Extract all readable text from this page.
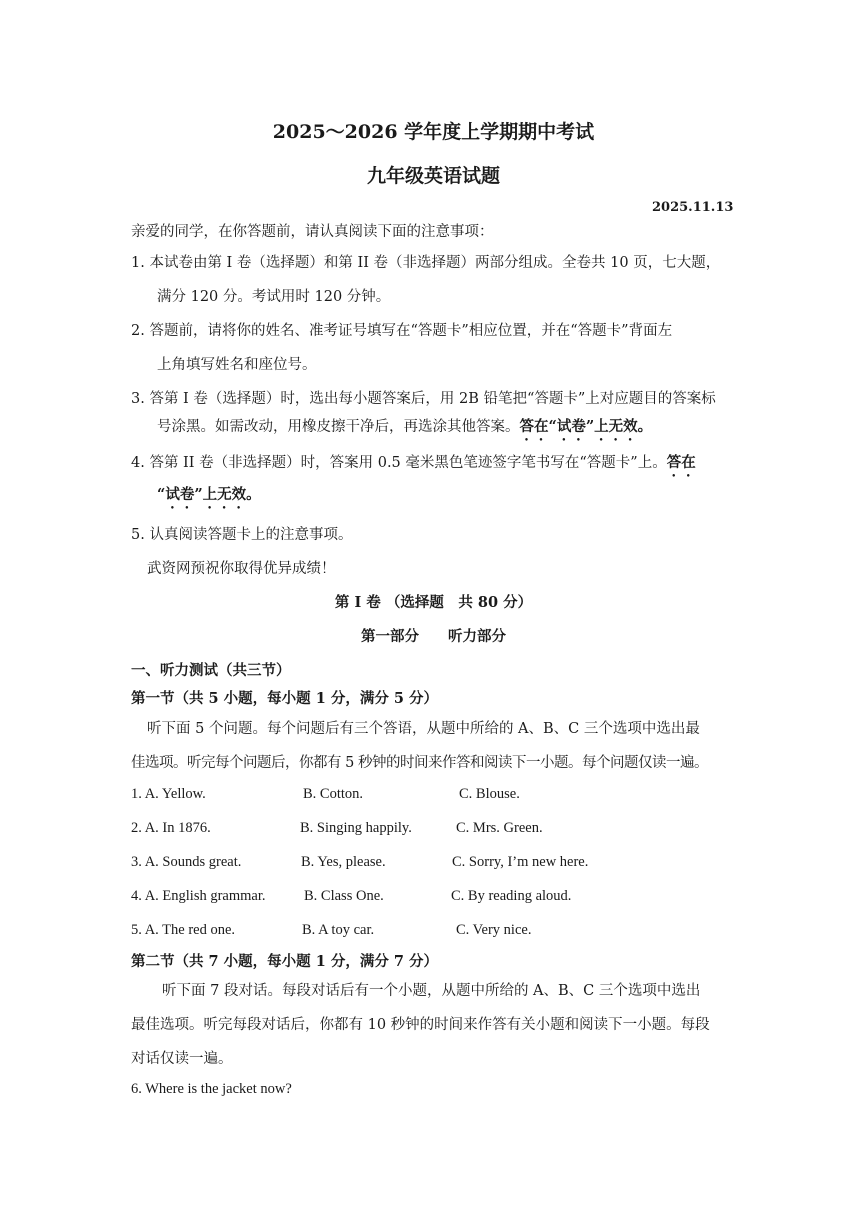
2025～2026 学年度上学期期中考试
九年级英语试题
2025.11.13
亲爱的同学，在你答题前，请认真阅读下面的注意事项：
1. 本试卷由第 I 卷（选择题）和第 II 卷（非选择题）两部分组成。全卷共 10 页，七大题，
满分 120 分。考试用时 120 分钟。
2. 答题前，请将你的姓名、准考证号填写在“答题卡”相应位置，并在“答题卡”背面左
上角填写姓名和座位号。
3. 答第 I 卷（选择题）时，选出每小题答案后，用 2B 铅笔把“答题卡”上对应题目的答案标
号涂黑。如需改动，用橡皮擦干净后，再选涂其他答案。答在“试卷”上无效。
4. 答第 II 卷（非选择题）时，答案用 0.5 毫米黑色笔迹签字笔书写在“答题卡”上。答在
“试卷”上无效。
5. 认真阅读答题卡上的注意事项。
武资网预祝你取得优异成绩！
第 I 卷 （选择题　共 80 分）
第一部分　　听力部分
一、听力测试（共三节）
第一节（共 5 小题，每小题 1 分，满分 5 分）
听下面 5 个问题。每个问题后有三个答语，从题中所给的 A、B、C 三个选项中选出最
佳选项。听完每个问题后，你都有 5 秒钟的时间来作答和阅读下一小题。每个问题仅读一遍。
1. A. Yellow.	B. Cotton.	C. Blouse.
2. A. In 1876.	B. Singing happily.	C. Mrs. Green.
3. A. Sounds great.	B. Yes, please.	C. Sorry, I’m new here.
4. A. English grammar.	B. Class One.	C. By reading aloud.
5. A. The red one.	B. A toy car.	C. Very nice.
第二节（共 7 小题，每小题 1 分，满分 7 分）
听下面 7 段对话。每段对话后有一个小题，从题中所给的 A、B、C 三个选项中选出
最佳选项。听完每段对话后，你都有 10 秒钟的时间来作答有关小题和阅读下一小题。每段
对话仅读一遍。
6. Where is the jacket now?
